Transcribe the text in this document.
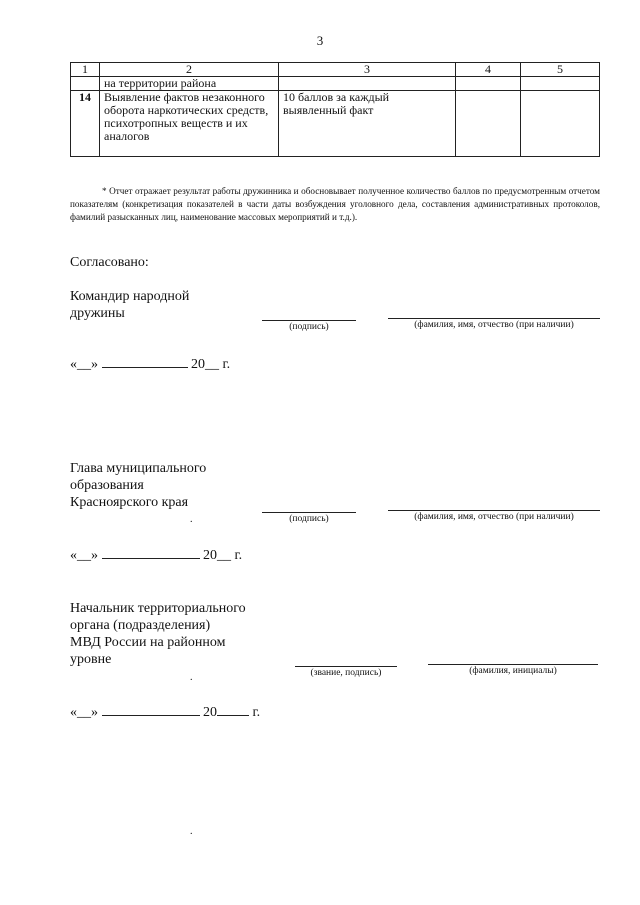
3
1	2	3	4	5
	на территории района			
14	Выявление фактов незаконного оборота наркотических средств, психотропных веществ и их аналогов	10 баллов за каждый выявленный факт		
* Отчет отражает результат работы дружинника и обосновывает полученное количество баллов по предусмотренным отчетом показателям (конкретизация показателей в части даты возбуждения уголовного дела, составления административных протоколов, фамилий разысканных лиц, наименование массовых мероприятий и т.д.).
Согласовано:
Командир народной
дружины
(подпись)	(фамилия, имя, отчество (при наличии)
«__»	20__ г.
Глава муниципального
образования
Красноярского края
.	(подпись)	(фамилия, имя, отчество (при наличии)
«__»	20__ г.
Начальник территориального
органа (подразделения)
МВД России на районном
уровне
.	(звание, подпись)	(фамилия, инициалы)
«__»	20	г.
.
